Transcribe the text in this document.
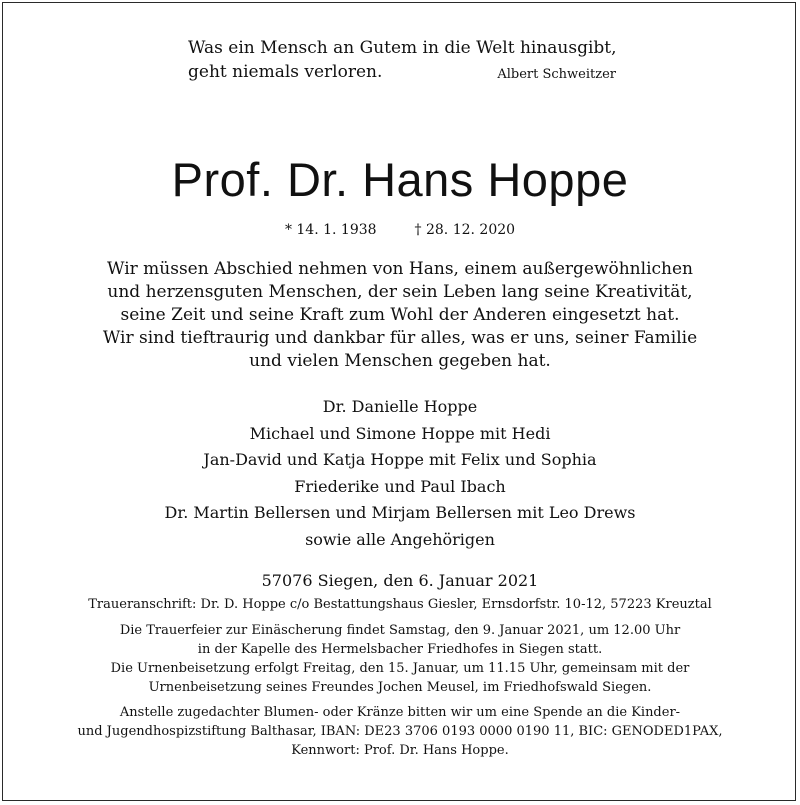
Was ein Mensch an Gutem in die Welt hinausgibt,
geht niemals verloren.	Albert Schweitzer
Prof. Dr. Hans Hoppe
* 14. 1. 1938	† 28. 12. 2020
Wir müssen Abschied nehmen von Hans, einem außergewöhnlichen
und herzensguten Menschen, der sein Leben lang seine Kreativität,
seine Zeit und seine Kraft zum Wohl der Anderen eingesetzt hat.
Wir sind tieftraurig und dankbar für alles, was er uns, seiner Familie
und vielen Menschen gegeben hat.
Dr. Danielle Hoppe
Michael und Simone Hoppe mit Hedi
Jan-David und Katja Hoppe mit Felix und Sophia
Friederike und Paul Ibach
Dr. Martin Bellersen und Mirjam Bellersen mit Leo Drews
sowie alle Angehörigen
57076 Siegen, den 6. Januar 2021
Traueranschrift: Dr. D. Hoppe c/o Bestattungshaus Giesler, Ernsdorfstr. 10-12, 57223 Kreuztal
Die Trauerfeier zur Einäscherung findet Samstag, den 9. Januar 2021, um 12.00 Uhr
in der Kapelle des Hermelsbacher Friedhofes in Siegen statt.
Die Urnenbeisetzung erfolgt Freitag, den 15. Januar, um 11.15 Uhr, gemeinsam mit der
Urnenbeisetzung seines Freundes Jochen Meusel, im Friedhofswald Siegen.
Anstelle zugedachter Blumen- oder Kränze bitten wir um eine Spende an die Kinder-
und Jugendhospizstiftung Balthasar, IBAN: DE23 3706 0193 0000 0190 11, BIC: GENODED1PAX,
Kennwort: Prof. Dr. Hans Hoppe.
